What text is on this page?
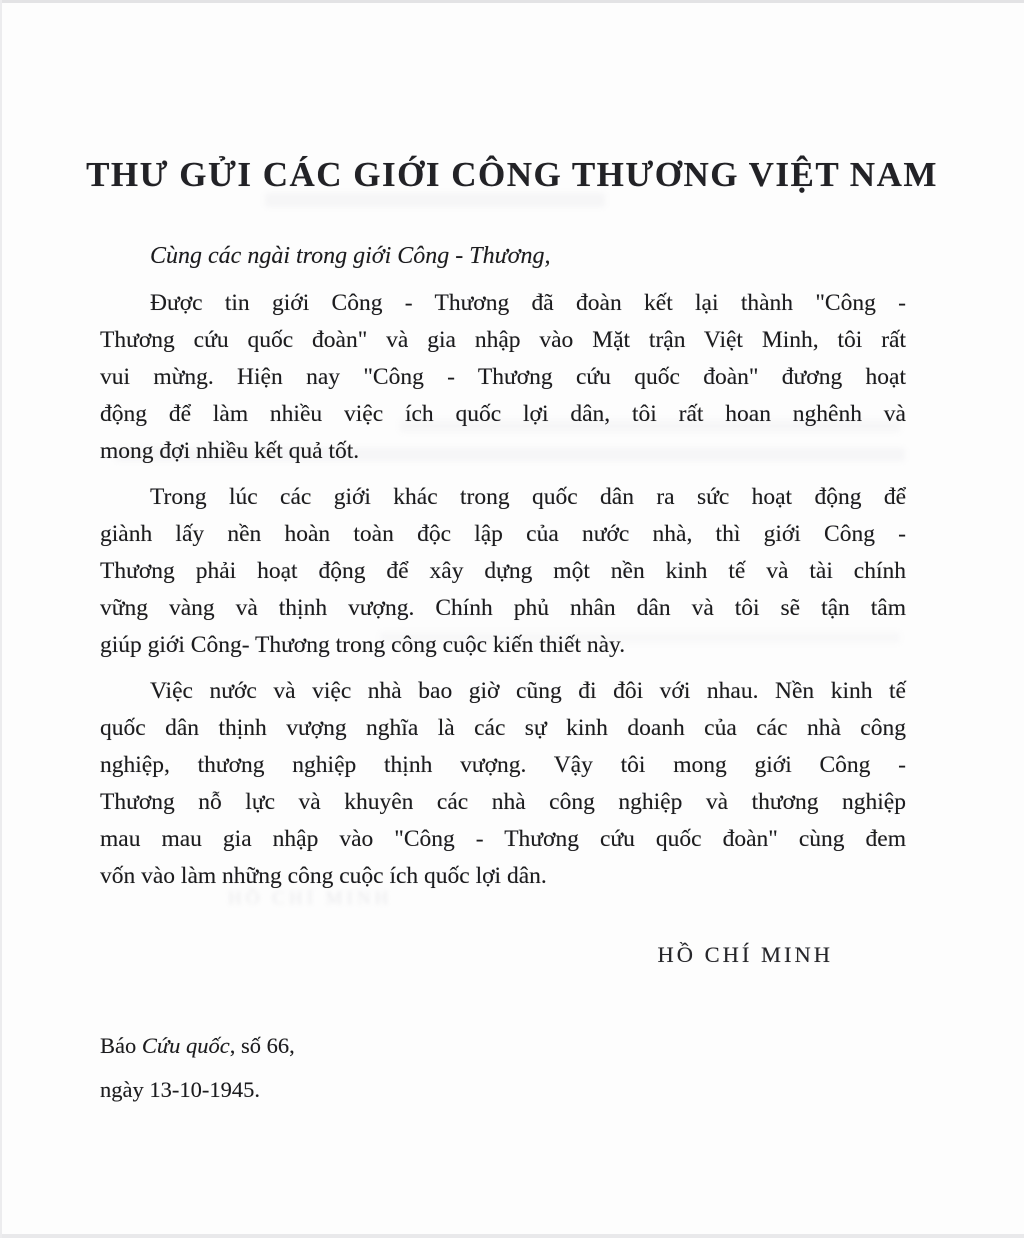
HỒ CHÍ MINH
THƯ GỬI CÁC GIỚI CÔNG THƯƠNG VIỆT NAM

Cùng các ngài trong giới Công - Thương,

Được tin giới Công - Thương đã đoàn kết lại thành "Công -
Thương cứu quốc đoàn" và gia nhập vào Mặt trận Việt Minh, tôi rất
vui mừng. Hiện nay "Công - Thương cứu quốc đoàn" đương hoạt
động để làm nhiều việc ích quốc lợi dân, tôi rất hoan nghênh và
mong đợi nhiều kết quả tốt.
Trong lúc các giới khác trong quốc dân ra sức hoạt động để
giành lấy nền hoàn toàn độc lập của nước nhà, thì giới Công -
Thương phải hoạt động để xây dựng một nền kinh tế và tài chính
vững vàng và thịnh vượng. Chính phủ nhân dân và tôi sẽ tận tâm
giúp giới Công- Thương trong công cuộc kiến thiết này.
Việc nước và việc nhà bao giờ cũng đi đôi với nhau. Nền kinh tế
quốc dân thịnh vượng nghĩa là các sự kinh doanh của các nhà công
nghiệp, thương nghiệp thịnh vượng. Vậy tôi mong giới Công -
Thương nỗ lực và khuyên các nhà công nghiệp và thương nghiệp
mau mau gia nhập vào "Công - Thương cứu quốc đoàn" cùng đem
vốn vào làm những công cuộc ích quốc lợi dân.
HỒ CHÍ MINH
Báo Cứu quốc, số 66,
ngày 13-10-1945.
